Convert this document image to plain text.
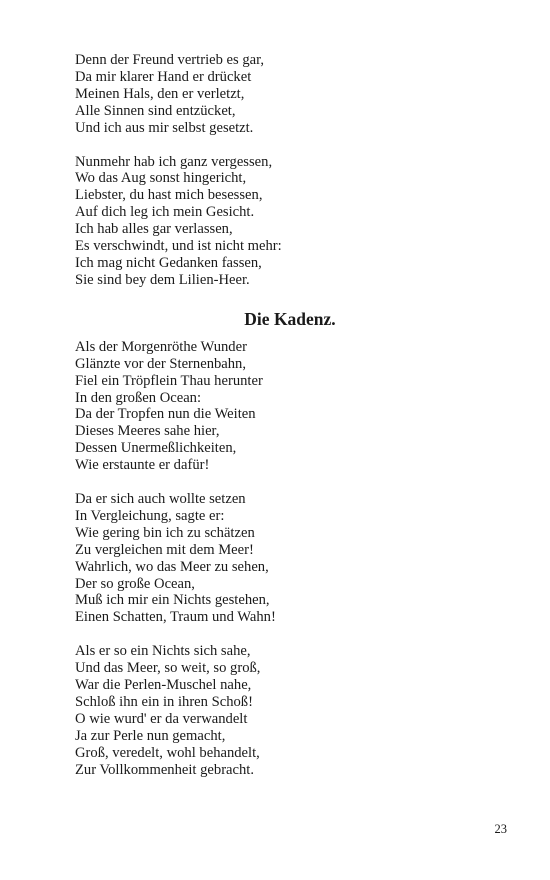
Denn der Freund vertrieb es gar,
Da mir klarer Hand er drücket
Meinen Hals, den er verletzt,
Alle Sinnen sind entzücket,
Und ich aus mir selbst gesetzt.
Nunmehr hab ich ganz vergessen,
Wo das Aug sonst hingericht,
Liebster, du hast mich besessen,
Auf dich leg ich mein Gesicht.
Ich hab alles gar verlassen,
Es verschwindt, und ist nicht mehr:
Ich mag nicht Gedanken fassen,
Sie sind bey dem Lilien-Heer.
Die Kadenz.
Als der Morgenröthe Wunder
Glänzte vor der Sternenbahn,
Fiel ein Tröpflein Thau herunter
In den großen Ocean:
Da der Tropfen nun die Weiten
Dieses Meeres sahe hier,
Dessen Unermeßlichkeiten,
Wie erstaunte er dafür!
Da er sich auch wollte setzen
In Vergleichung, sagte er:
Wie gering bin ich zu schätzen
Zu vergleichen mit dem Meer!
Wahrlich, wo das Meer zu sehen,
Der so große Ocean,
Muß ich mir ein Nichts gestehen,
Einen Schatten, Traum und Wahn!
Als er so ein Nichts sich sahe,
Und das Meer, so weit, so groß,
War die Perlen-Muschel nahe,
Schloß ihn ein in ihren Schoß!
O wie wurd' er da verwandelt
Ja zur Perle nun gemacht,
Groß, veredelt, wohl behandelt,
Zur Vollkommenheit gebracht.
23
